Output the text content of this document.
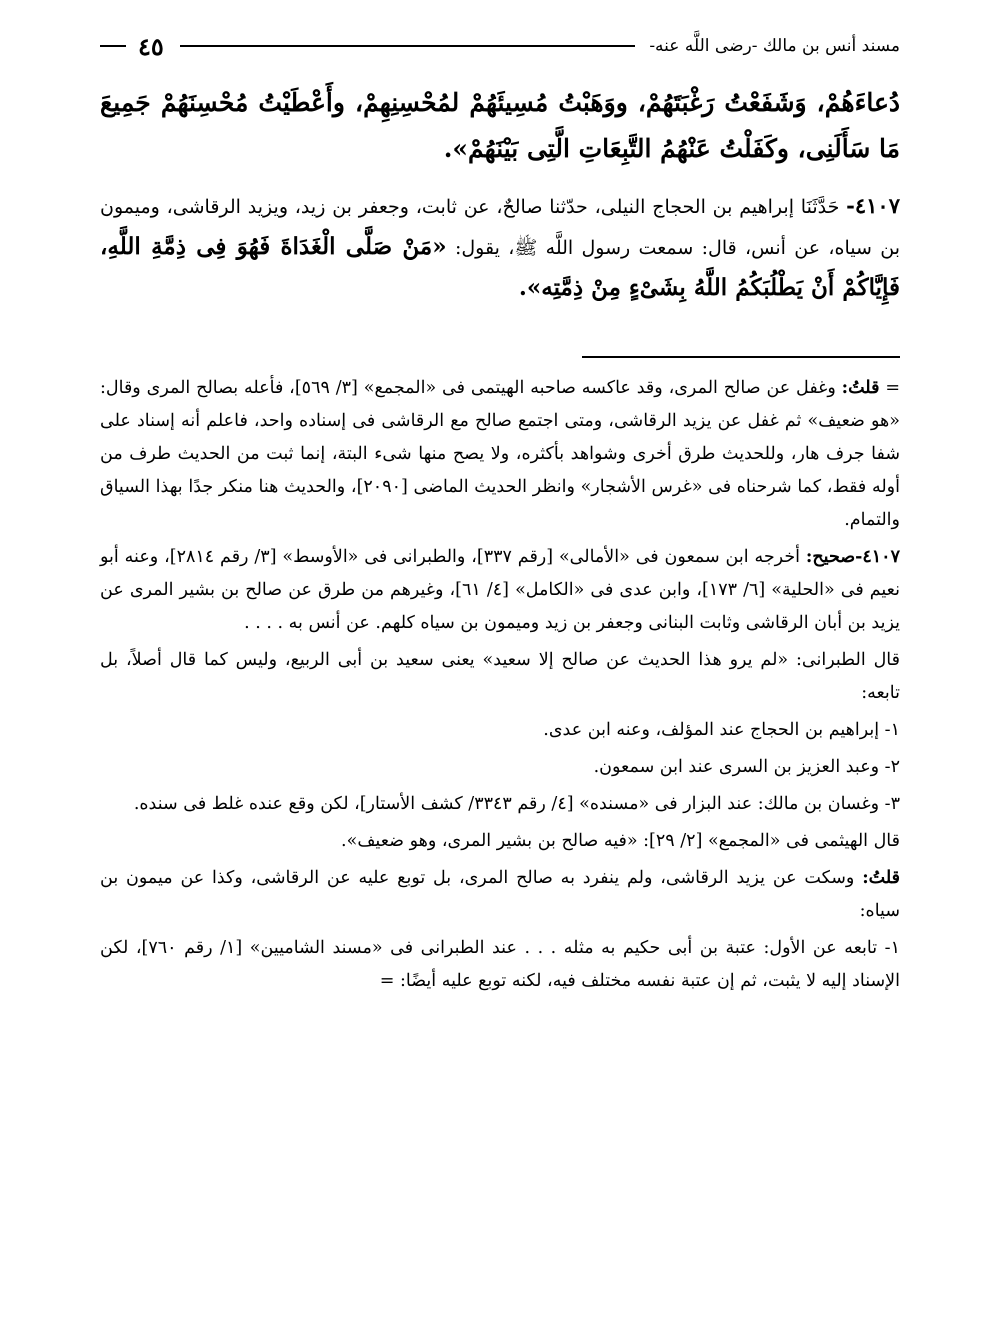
مسند أنس بن مالك -رضى اللَّه عنه-
٤٥

دُعاءَهُمْ، وَشَفَعْتُ رَغْبَتَهُمْ، ووَهَبْتُ مُسِيئَهُمْ لمُحْسِنِهِمْ، وأَعْطَيْتُ مُحْسِنَهُمْ جَمِيعَ مَا سَأَلَنِى، وكَفَلْتُ عَنْهُمُ التَّبِعَاتِ الَّتِى بَيْنَهُمْ».

٤١٠٧- حَدَّثَنَا إبراهيم بن الحجاج النيلى، حدّثنا صالحٌ، عن ثابت، وجعفر بن زيد، ويزيد الرقاشى، وميمون بن سياه، عن أنس، قال: سمعت رسول اللَّه ﷺ، يقول: «مَنْ صَلَّى الْغَدَاةَ فَهُوَ فِى ذِمَّةِ اللَّهِ، فَإِيَّاكُمْ أَنْ يَطْلُبَكُمُ اللَّهُ بِشَىْءٍ مِنْ ذِمَّتِه».

= قلتُ: وغفل عن صالح المرى، وقد عاكسه صاحبه الهيتمى فى «المجمع» [٣/ ٥٦٩]، فأعله بصالح المرى وقال: «هو ضعيف» ثم غفل عن يزيد الرقاشى، ومتى اجتمع صالح مع الرقاشى فى إسناده واحد، فاعلم أنه إسناد على شفا جرف هار، وللحديث طرق أخرى وشواهد بأكثره، ولا يصح منها شىء البتة، إنما ثبت من الحديث طرف من أوله فقط، كما شرحناه فى «غرس الأشجار» وانظر الحديث الماضى [٢٠٩٠]، والحديث هنا منكر جدًا بهذا السياق والتمام.

٤١٠٧-صحيح: أخرجه ابن سمعون فى «الأمالى» [رقم ٣٣٧]، والطبرانى فى «الأوسط» [٣/ رقم ٢٨١٤]، وعنه أبو نعيم فى «الحلية» [٦/ ١٧٣]، وابن عدى فى «الكامل» [٤/ ٦١]، وغيرهم من طرق عن صالح بن بشير المرى عن يزيد بن أبان الرقاشى وثابت البنانى وجعفر بن زيد وميمون بن سياه كلهم. عن أنس به . . . .

قال الطبرانى: «لم يرو هذا الحديث عن صالح إلا سعيد» يعنى سعيد بن أبى الربيع، وليس كما قال أصلاً، بل تابعه:

١- إبراهيم بن الحجاج عند المؤلف، وعنه ابن عدى.

٢- وعبد العزيز بن السرى عند ابن سمعون.

٣- وغسان بن مالك: عند البزار فى «مسنده» [٤/ رقم ٣٣٤٣/ كشف الأستار]، لكن وقع عنده غلط فى سنده.

قال الهيثمى فى «المجمع» [٢/ ٢٩]: «فيه صالح بن بشير المرى، وهو ضعيف».

قلتُ: وسكت عن يزيد الرقاشى، ولم ينفرد به صالح المرى، بل توبع عليه عن الرقاشى، وكذا عن ميمون بن سياه:

١- تابعه عن الأول: عتبة بن أبى حكيم به مثله . . . عند الطبرانى فى «مسند الشاميين» [١/ رقم ٧٦٠]، لكن الإسناد إليه لا يثبت، ثم إن عتبة نفسه مختلف فيه، لكنه توبع عليه أيضًا: =
